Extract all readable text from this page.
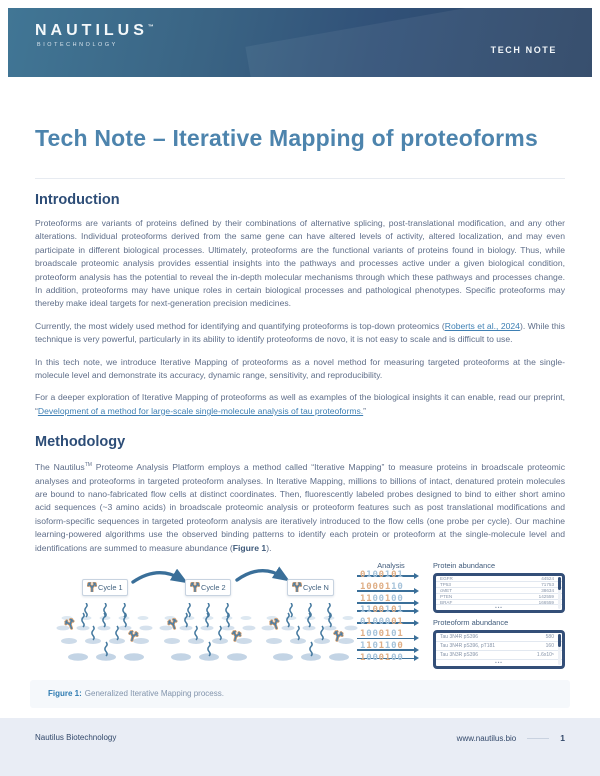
NAUTILUS™
BIOTECHNOLOGY	TECH NOTE
Tech Note – Iterative Mapping of proteoforms
Introduction

Proteoforms are variants of proteins defined by their combinations of alternative splicing, post-translational modification, and any other alterations. Individual proteoforms derived from the same gene can have altered levels of activity, altered localization, and may even participate in different biological processes. Ultimately, proteoforms are the functional variants of proteins found in biology. Thus, while broadscale proteomic analysis provides essential insights into the pathways and processes active under a given biological condition, proteoform analysis has the potential to reveal the in-depth molecular mechanisms through which these pathways and processes change. In addition, proteoforms may have unique roles in certain biological processes and pathological phenotypes. Specific proteoforms may thereby make ideal targets for next-generation precision medicines.

Currently, the most widely used method for identifying and quantifying proteoforms is top-down proteomics (Roberts et al., 2024). While this technique is very powerful, particularly in its ability to identify proteoforms de novo, it is not easy to scale and is difficult to use.

In this tech note, we introduce Iterative Mapping of proteoforms as a novel method for measuring targeted proteoforms at the single-molecule level and demonstrate its accuracy, dynamic range, sensitivity, and reproducibility.

For a deeper exploration of Iterative Mapping of proteoforms as well as examples of the biological insights it can enable, read our preprint, “Development of a method for large-scale single-molecule analysis of tau proteoforms.”

Methodology

The Nautilus™ Proteome Analysis Platform employs a method called “Iterative Mapping” to measure proteins in broadscale proteomic analyses and proteoforms in targeted proteoform analyses. In Iterative Mapping, millions to billions of intact, denatured protein molecules are bound to nano-fabricated flow cells at distinct coordinates. Then, fluorescently labeled probes designed to bind to either short amino acid sequences (~3 amino acids) in broadscale proteomic analysis or proteoform features such as post translational modifications and isoform-specific sequences in targeted proteoform analysis are iteratively introduced to the flow cells (one probe per cycle). Our machine learning-powered algorithms use the observed binding patterns to identify each protein or proteoform at the single-molecule level and identifications are summed to measure abundance (Figure 1).

Cycle 1	Cycle 2	Cycle N
Analysis
0100101
1000110
1100100
1100101
0100001
1000101
1101100
1000100
Protein abundance
EGFR	44524
TP53	71753
cMET	38634
PTEN	142559
BRAF	166559
•••
Proteoform abundance
Tau 3N4R pS396	580
Tau 3N4R pS396, pT181	160
Tau 3N3R pS396	1.6x10⁵
•••
Figure 1: Generalized Iterative Mapping process.
Nautilus Biotechnology	www.nautilus.bio	1
